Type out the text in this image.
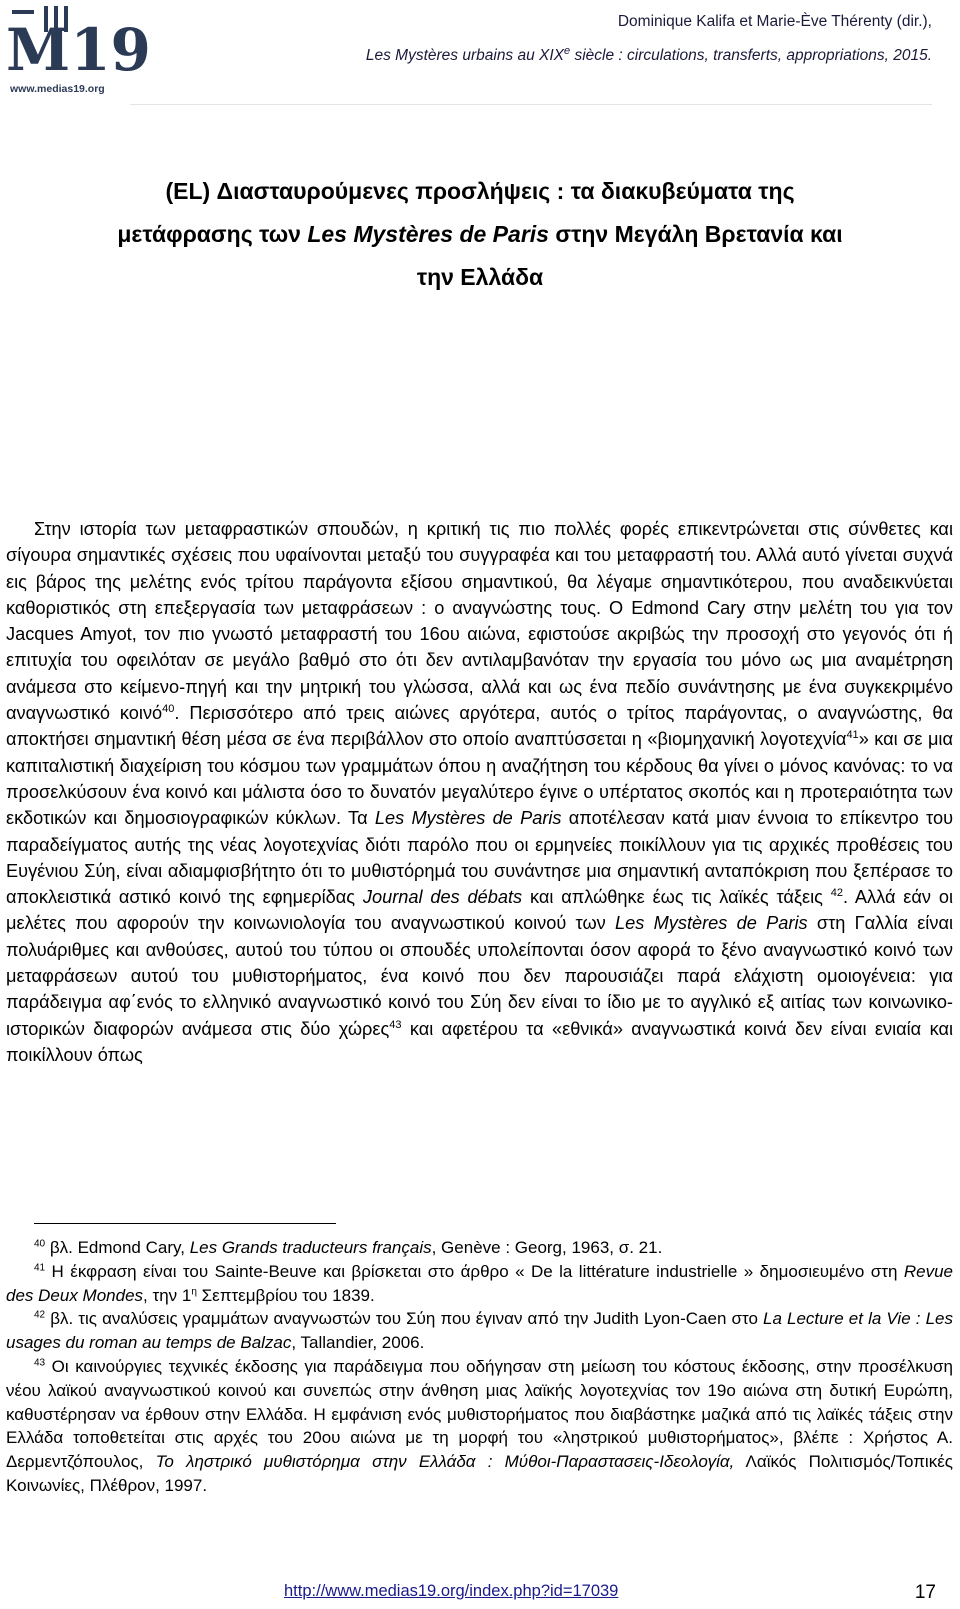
M19
www.medias19.org
Dominique Kalifa et Marie-Ève Thérenty (dir.),
Les Mystères urbains au XIXe siècle : circulations, transferts, appropriations, 2015.
(EL) Διασταυρούμενες προσλήψεις : τα διακυβεύματα της
μετάφρασης των Les Mystères de Paris στην Μεγάλη Βρετανία και
την Ελλάδα

Στην ιστορία των μεταφραστικών σπουδών, η κριτική τις πιο πολλές φορές επικεντρώνεται στις σύνθετες και σίγουρα σημαντικές σχέσεις που υφαίνονται μεταξύ του συγγραφέα και του μεταφραστή του. Αλλά αυτό γίνεται συχνά εις βάρος της μελέτης ενός τρίτου παράγοντα εξίσου σημαντικού, θα λέγαμε σημαντικότερου, που αναδεικνύεται καθοριστικός στη επεξεργασία των μεταφράσεων : ο αναγνώστης τους. Ο Edmond Cary στην μελέτη του για τον Jacques Amyot, τον πιο γνωστό μεταφραστή του 16ου αιώνα, εφιστούσε ακριβώς την προσοχή στο γεγονός ότι ή επιτυχία του οφειλόταν σε μεγάλο βαθμό στο ότι δεν αντιλαμβανόταν την εργασία του μόνο ως μια αναμέτρηση ανάμεσα στο κείμενο-πηγή και την μητρική του γλώσσα, αλλά και ως ένα πεδίο συνάντησης με ένα συγκεκριμένο αναγνωστικό κοινό$^{40}$. Περισσότερο από τρεις αιώνες αργότερα, αυτός ο τρίτος παράγοντας, ο αναγνώστης, θα αποκτήσει σημαντική θέση μέσα σε ένα περιβάλλον στο οποίο αναπτύσσεται η «βιομηχανική λογοτεχνία$^{41}$» και σε μια καπιταλιστική διαχείριση του κόσμου των γραμμάτων όπου η αναζήτηση του κέρδους θα γίνει ο μόνος κανόνας: το να προσελκύσουν ένα κοινό και μάλιστα όσο το δυνατόν μεγαλύτερο έγινε ο υπέρτατος σκοπός και η προτεραιότητα των εκδοτικών και δημοσιογραφικών κύκλων. Τα Les Mystères de Paris αποτέλεσαν κατά μιαν έννοια το επίκεντρο του παραδείγματος αυτής της νέας λογοτεχνίας διότι παρόλο που οι ερμηνείες ποικίλλουν για τις αρχικές προθέσεις του Ευγένιου Σύη, είναι αδιαμφισβήτητο ότι το μυθιστόρημά του συνάντησε μια σημαντική ανταπόκριση που ξεπέρασε το αποκλειστικά αστικό κοινό της εφημερίδας Journal des débats και απλώθηκε έως τις λαϊκές τάξεις $^{42}$. Αλλά εάν οι μελέτες που αφορούν την κοινωνιολογία του αναγνωστικού κοινού των Les Mystères de Paris στη Γαλλία είναι πολυάριθμες και ανθούσες, αυτού του τύπου οι σπουδές υπολείπονται όσον αφορά το ξένο αναγνωστικό κοινό των μεταφράσεων αυτού του μυθιστορήματος, ένα κοινό που δεν παρουσιάζει παρά ελάχιστη ομοιογένεια: για παράδειγμα αφ΄ενός το ελληνικό αναγνωστικό κοινό του Σύη δεν είναι το ίδιο με το αγγλικό εξ αιτίας των κοινωνικο-ιστορικών διαφορών ανάμεσα στις δύο χώρες$^{43}$ και αφετέρου τα «εθνικά» αναγνωστικά κοινά δεν είναι ενιαία και ποικίλλουν όπως

$^{40}$ βλ. Edmond Cary, Les Grands traducteurs français, Genève : Georg, 1963, σ. 21.

$^{41}$ Η έκφραση είναι του Sainte-Beuve και βρίσκεται στο άρθρο « De la littérature industrielle » δημοσιευμένο στη Revue des Deux Mondes, την $1^\eta$ Σεπτεμβρίου του 1839.

$^{42}$ βλ. τις αναλύσεις γραμμάτων αναγνωστών του Σύη που έγιναν από την Judith Lyon-Caen στο La Lecture et la Vie : Les usages du roman au temps de Balzac, Tallandier, 2006.

$^{43}$ Οι καινούργιες τεχνικές έκδοσης για παράδειγμα που οδήγησαν στη μείωση του κόστους έκδοσης, στην προσέλκυση νέου λαϊκού αναγνωστικού κοινού και συνεπώς στην άνθηση μιας λαϊκής λογοτεχνίας τον 19ο αιώνα στη δυτική Ευρώπη, καθυστέρησαν να έρθουν στην Ελλάδα. Η εμφάνιση ενός μυθιστορήματος που διαβάστηκε μαζικά από τις λαϊκές τάξεις στην Ελλάδα τοποθετείται στις αρχές του 20ου αιώνα με τη μορφή του «ληστρικού μυθιστορήματος», βλέπε : Χρήστος Α. Δερμεντζόπουλος, Το ληστρικό μυθιστόρημα στην Ελλάδα : Μύθοι-Παραστασεις-Ιδεολογία, Λαϊκός Πολιτισμός/Τοπικές Κοινωνίες, Πλέθρον, 1997.

http://www.medias19.org/index.php?id=17039	17
